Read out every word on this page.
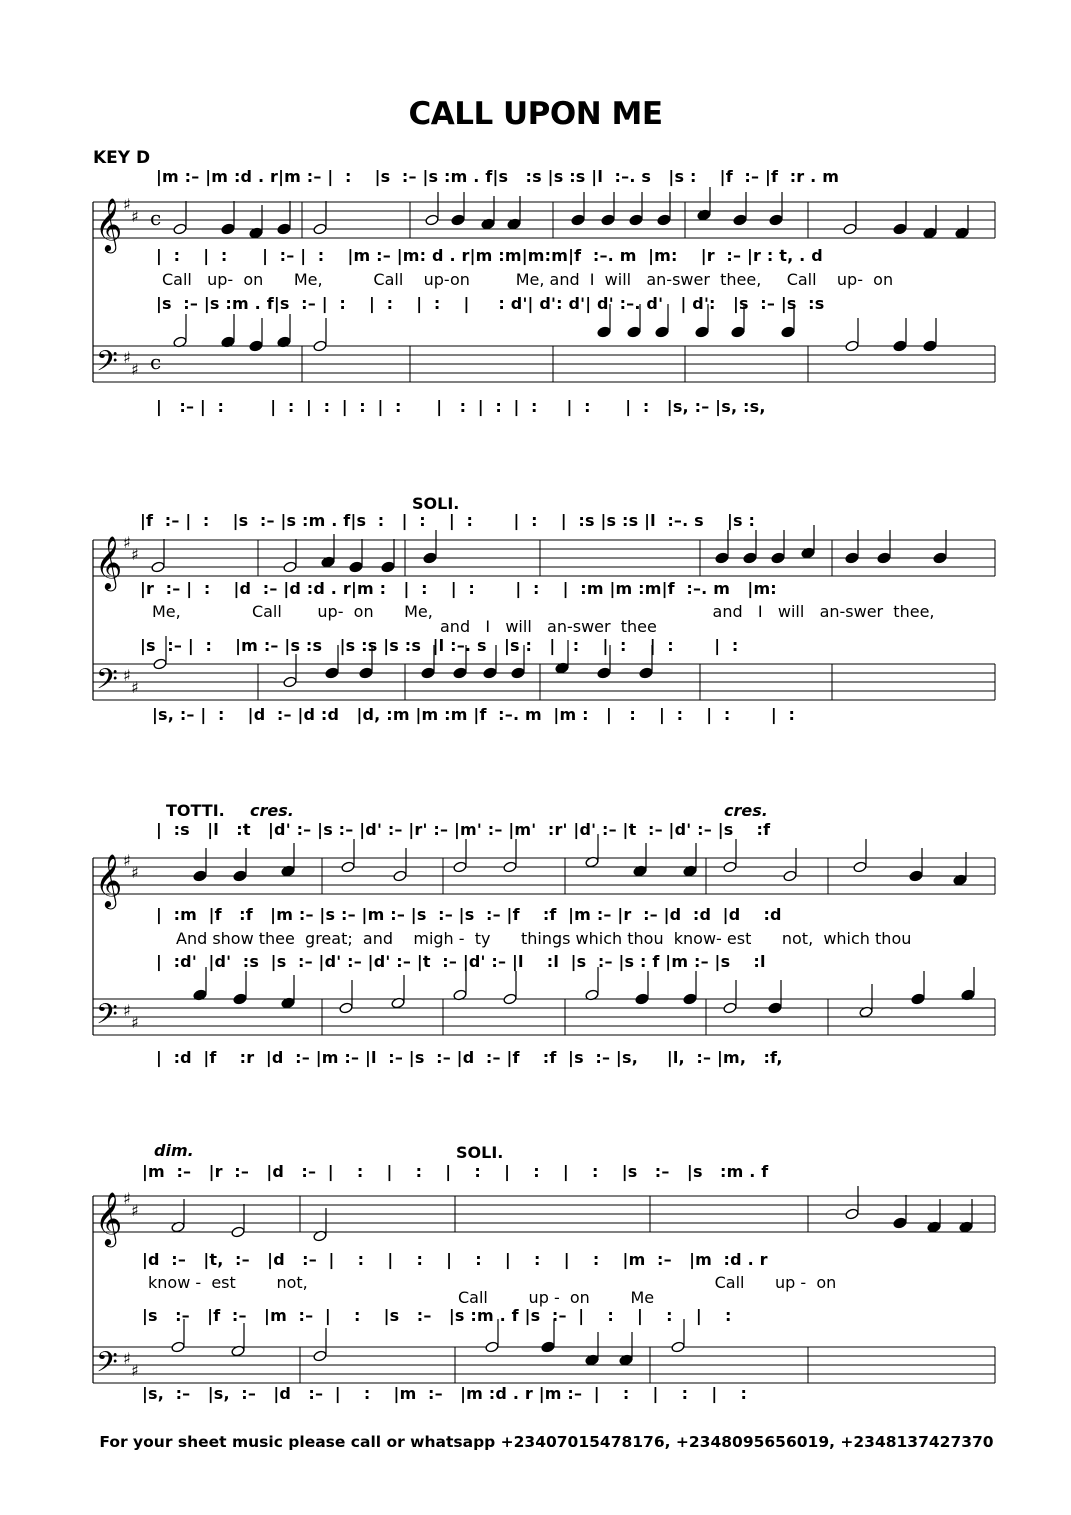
CALL UPON ME
KEY D
|m :– |m :d . r|m :– |  :    |s  :– |s :m . f|s   :s |s :s |l  :–. s   |s :    |f  :– |f  :r . m
|  :    |  :      |  :– |  :    |m :– |m: d . r|m :m|m:m|f  :–. m  |m:    |r  :– |r : t, . d
Call   up-  on      Me,          Call    up-on         Me, and  I  will   an-swer  thee,     Call    up-  on
|s  :– |s :m . f|s  :– |  :    |  :    |  :    |     : d'| d': d'| d' :–. d'   | d':   |s  :– |s  :s
|   :– |  :        |  :  |  :  |  :  |  :      |   :  |  :  |  :     |  :      |  :   |s, :– |s, :s,
SOLI.
|f  :– |  :    |s  :– |s :m . f|s  :   |  :    |  :       |  :    |  :s |s :s |l  :–. s    |s :
|r  :– |  :    |d  :– |d :d . r|m :   |  :    |  :       |  :    |  :m |m :m|f  :–. m   |m:
Me,              Call       up-  on      Me,                                                       and   I   will   an-swer  thee,
and   I   will   an-swer  thee
|s  :– |  :    |m :– |s :s   |s :s |s :s  |l :–. s   |s :   |   :    |  :    |  :       |  :
|s, :– |  :    |d  :– |d :d   |d, :m |m :m |f  :–. m  |m :   |   :    |  :    |  :       |  :
TOTTI. cres.	cres.
|  :s   |l   :t   |d' :– |s :– |d' :– |r' :– |m' :– |m'  :r' |d' :– |t  :– |d' :– |s    :f
|  :m  |f   :f   |m :– |s :– |m :– |s  :– |s  :– |f    :f  |m :– |r  :– |d  :d  |d    :d
And show thee  great;  and    migh -  ty      things which thou  know- est      not,  which thou
|  :d'  |d'  :s  |s  :– |d' :– |d' :– |t  :– |d' :– |l    :l  |s  :– |s : f |m :– |s    :l
|  :d  |f    :r  |d  :– |m :– |l  :– |s  :– |d  :– |f    :f  |s  :– |s,     |l,  :– |m,   :f,
dim.	SOLI.
|m  :–   |r  :–   |d   :–  |    :    |    :    |    :    |    :    |    :    |s   :–   |s   :m . f
|d  :–   |t,  :–   |d   :–  |    :    |    :    |    :    |    :    |    :    |m  :–   |m  :d . r
know -  est        not,                                                                                Call      up -  on
Call        up -  on        Me
|s   :–   |f  :–   |m  :–  |    :    |s   :–   |s :m . f |s  :–  |    :    |    :    |    :
|s,  :–   |s,  :–   |d   :–  |    :    |m  :–   |m :d . r |m :–  |    :    |    :    |    :
For your sheet music please call or whatsapp +23407015478176, +2348095656019, +2348137427370
𝄞 ♯
♯
𝄢 ♯
♯
c
c
𝄞 ♯
♯
𝄢 ♯
♯
𝄞 ♯
♯
𝄢 ♯
♯
𝄞 ♯
♯
𝄢 ♯
♯
